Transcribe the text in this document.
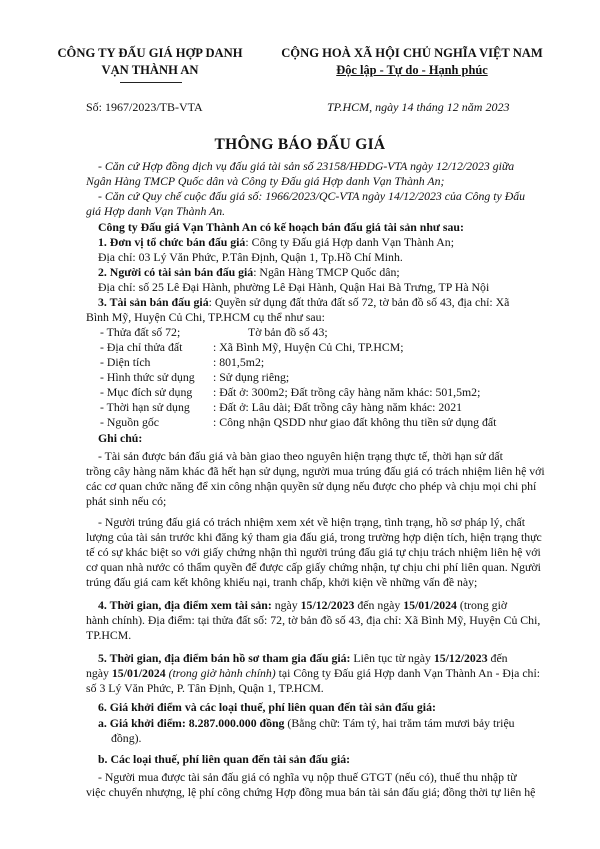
CÔNG TY ĐẤU GIÁ HỢP DANH
VẠN THÀNH AN
CỘNG HOÀ XÃ HỘI CHỦ NGHĨA VIỆT NAM
Độc lập - Tự do - Hạnh phúc
Số: 1967/2023/TB-VTA	TP.HCM, ngày 14 tháng 12 năm 2023
THÔNG BÁO ĐẤU GIÁ
- Căn cứ Hợp đồng dịch vụ đấu giá tài sản số 23158/HĐDG-VTA ngày 12/12/2023 giữa
Ngân Hàng TMCP Quốc dân và Công ty Đấu giá Hợp danh Vạn Thành An;
- Căn cứ Quy chế cuộc đấu giá số: 1966/2023/QC-VTA ngày 14/12/2023 của Công ty Đấu
giá Hợp danh Vạn Thành An.
Công ty Đấu giá Vạn Thành An có kế hoạch bán đấu giá tài sản như sau:
1. Đơn vị tổ chức bán đấu giá: Công ty Đấu giá Hợp danh Vạn Thành An;
Địa chỉ: 03 Lý Văn Phức, P.Tân Định, Quận 1, Tp.Hồ Chí Minh.
2. Người có tài sản bán đấu giá: Ngân Hàng TMCP Quốc dân;
Địa chỉ: số 25 Lê Đại Hành, phường Lê Đại Hành, Quận Hai Bà Trưng, TP Hà Nội
3. Tài sản bán đấu giá: Quyền sử dụng đất thửa đất số 72, tờ bản đồ số 43, địa chỉ: Xã
Bình Mỹ, Huyện Củ Chi, TP.HCM cụ thể như sau:
- Thửa đất số 72;	Tờ bản đồ số 43;
- Địa chỉ thửa đất	: Xã Bình Mỹ, Huyện Củ Chi, TP.HCM;
- Diện tích	: 801,5m2;
- Hình thức sử dụng : Sử dụng riêng;
- Mục đích sử dụng : Đất ở: 300m2; Đất trồng cây hàng năm khác: 501,5m2;
- Thời hạn sử dụng : Đất ở: Lâu dài; Đất trồng cây hàng năm khác: 2021
- Nguồn gốc	: Công nhận QSDD như giao đất không thu tiền sử dụng đất
Ghi chú:
- Tài sản được bán đấu giá và bàn giao theo nguyên hiện trạng thực tế, thời hạn sử dất
trồng cây hàng năm khác đã hết hạn sử dụng, người mua trúng đấu giá có trách nhiệm liên hệ với
các cơ quan chức năng để xin công nhận quyền sử dụng nếu được cho phép và chịu mọi chi phí
phát sinh nếu có;
- Người trúng đấu giá có trách nhiệm xem xét về hiện trạng, tình trạng, hồ sơ pháp lý, chất
lượng của tài sản trước khi đăng ký tham gia đấu giá, trong trường hợp diện tích, hiện trạng thực
tế có sự khác biệt so với giấy chứng nhận thì người trúng đấu giá tự chịu trách nhiệm liên hệ với
cơ quan nhà nước có thẩm quyền để được cấp giấy chứng nhận, tự chịu chi phí liên quan. Người
trúng đấu giá cam kết không khiếu nại, tranh chấp, khởi kiện về những vấn đề này;
4. Thời gian, địa điểm xem tài sản: ngày 15/12/2023 đến ngày 15/01/2024 (trong giờ
hành chính). Địa điểm: tại thửa đất số: 72, tờ bản đồ số 43, địa chỉ: Xã Bình Mỹ, Huyện Củ Chi,
TP.HCM.
5. Thời gian, địa điểm bán hồ sơ tham gia đấu giá: Liên tục từ ngày 15/12/2023 đến
ngày 15/01/2024 (trong giờ hành chính) tại Công ty Đấu giá Hợp danh Vạn Thành An - Địa chỉ:
số 3 Lý Văn Phức, P. Tân Định, Quận 1, TP.HCM.
6. Giá khởi điểm và các loại thuế, phí liên quan đến tài sản đấu giá:
a. Giá khởi điểm: 8.287.000.000 đồng (Bằng chữ: Tám tỷ, hai trăm tám mươi bảy triệu
đồng).
b. Các loại thuế, phí liên quan đến tài sản đấu giá:
- Người mua được tài sản đấu giá có nghĩa vụ nộp thuế GTGT (nếu có), thuế thu nhập từ
việc chuyển nhượng, lệ phí công chứng Hợp đồng mua bán tài sản đấu giá; đồng thời tự liên hệ
